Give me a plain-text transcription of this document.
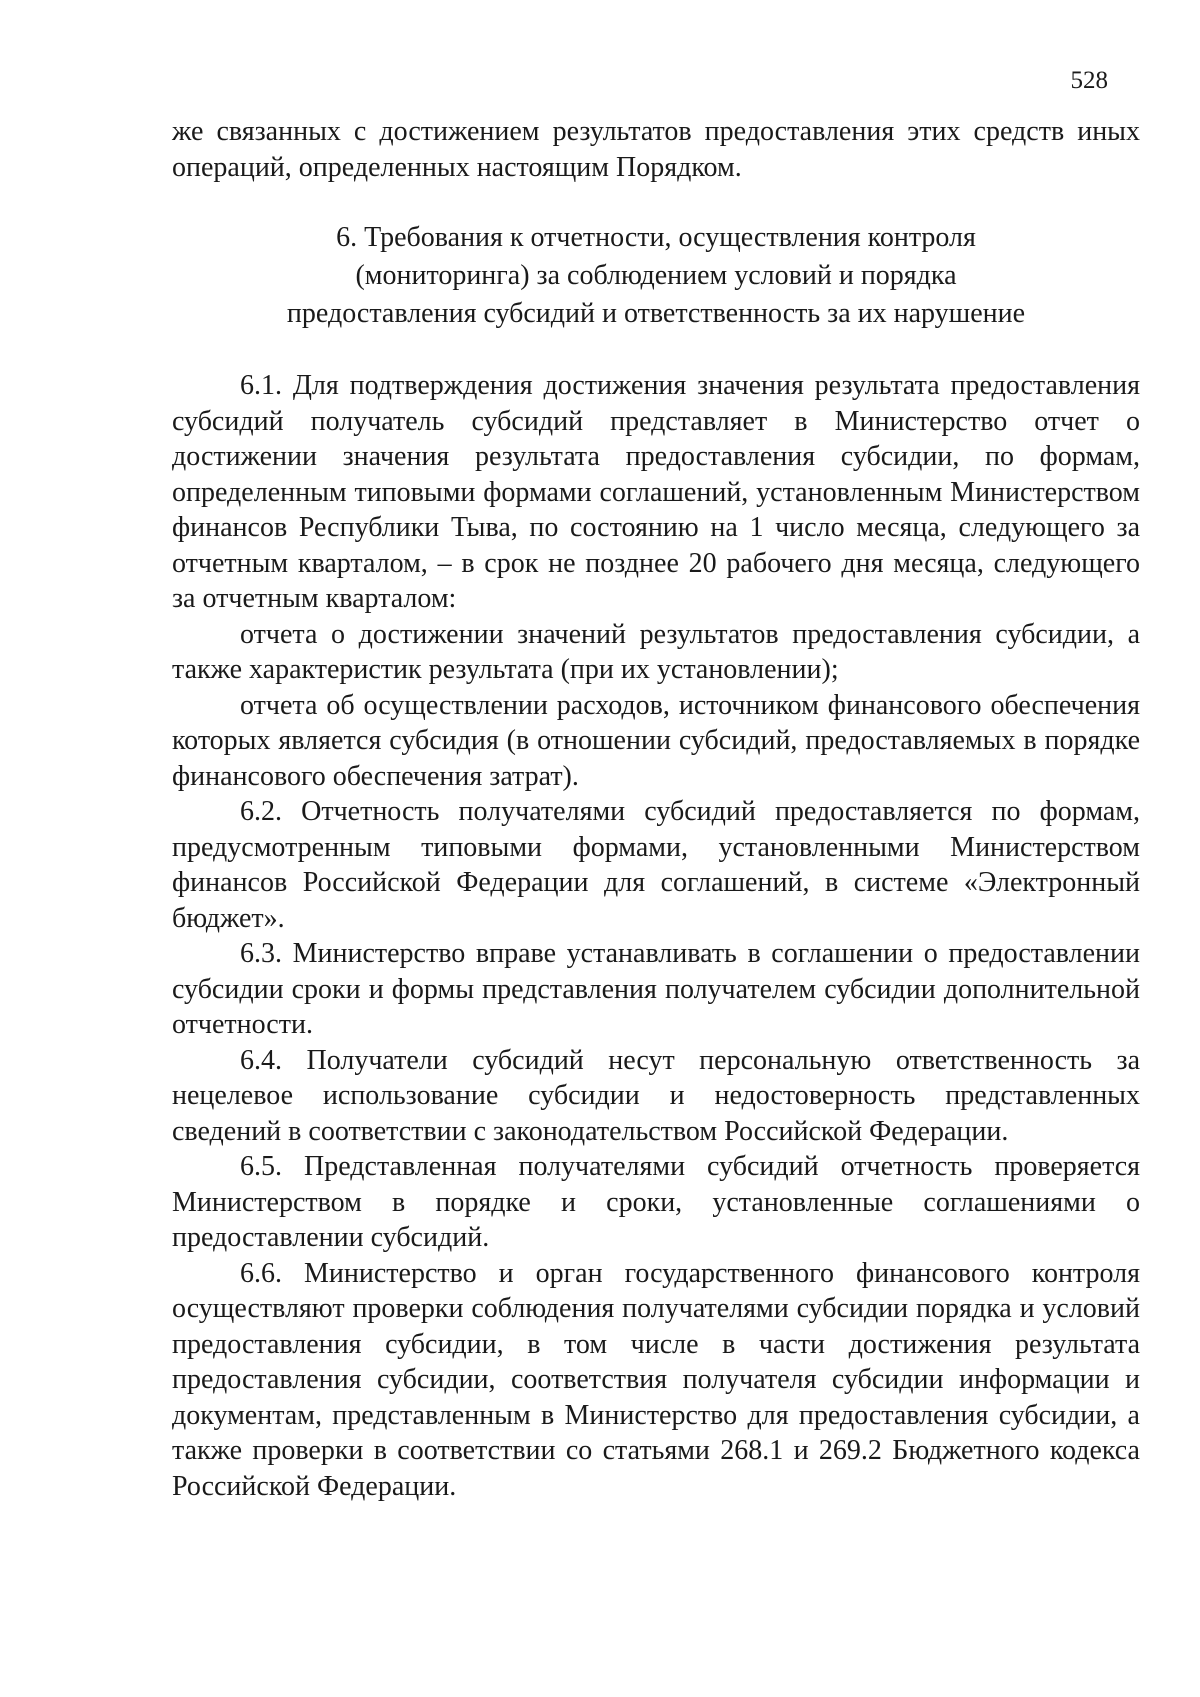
528

же связанных с достижением результатов предоставления этих средств иных операций, определенных настоящим Порядком.

6. Требования к отчетности, осуществления контроля
(мониторинга) за соблюдением условий и порядка
предоставления субсидий и ответственность за их нарушение

6.1. Для подтверждения достижения значения результата предоставления субсидий получатель субсидий представляет в Министерство отчет о достижении значения результата предоставления субсидии, по формам, определенным типовыми формами соглашений, установленным Министерством финансов Республики Тыва, по состоянию на 1 число месяца, следующего за отчетным кварталом, – в срок не позднее 20 рабочего дня месяца, следующего за отчетным кварталом:

отчета о достижении значений результатов предоставления субсидии, а также характеристик результата (при их установлении);

отчета об осуществлении расходов, источником финансового обеспечения которых является субсидия (в отношении субсидий, предоставляемых в порядке финансового обеспечения затрат).

6.2. Отчетность получателями субсидий предоставляется по формам, предусмотренным типовыми формами, установленными Министерством финансов Российской Федерации для соглашений, в системе «Электронный бюджет».

6.3. Министерство вправе устанавливать в соглашении о предоставлении субсидии сроки и формы представления получателем субсидии дополнительной отчетности.

6.4. Получатели субсидий несут персональную ответственность за нецелевое использование субсидии и недостоверность представленных сведений в соответствии с законодательством Российской Федерации.

6.5. Представленная получателями субсидий отчетность проверяется Министерством в порядке и сроки, установленные соглашениями о предоставлении субсидий.

6.6. Министерство и орган государственного финансового контроля осуществляют проверки соблюдения получателями субсидии порядка и условий предоставления субсидии, в том числе в части достижения результата предоставления субсидии, соответствия получателя субсидии информации и документам, представленным в Министерство для предоставления субсидии, а также проверки в соответствии со статьями 268.1 и 269.2 Бюджетного кодекса Российской Федерации.
